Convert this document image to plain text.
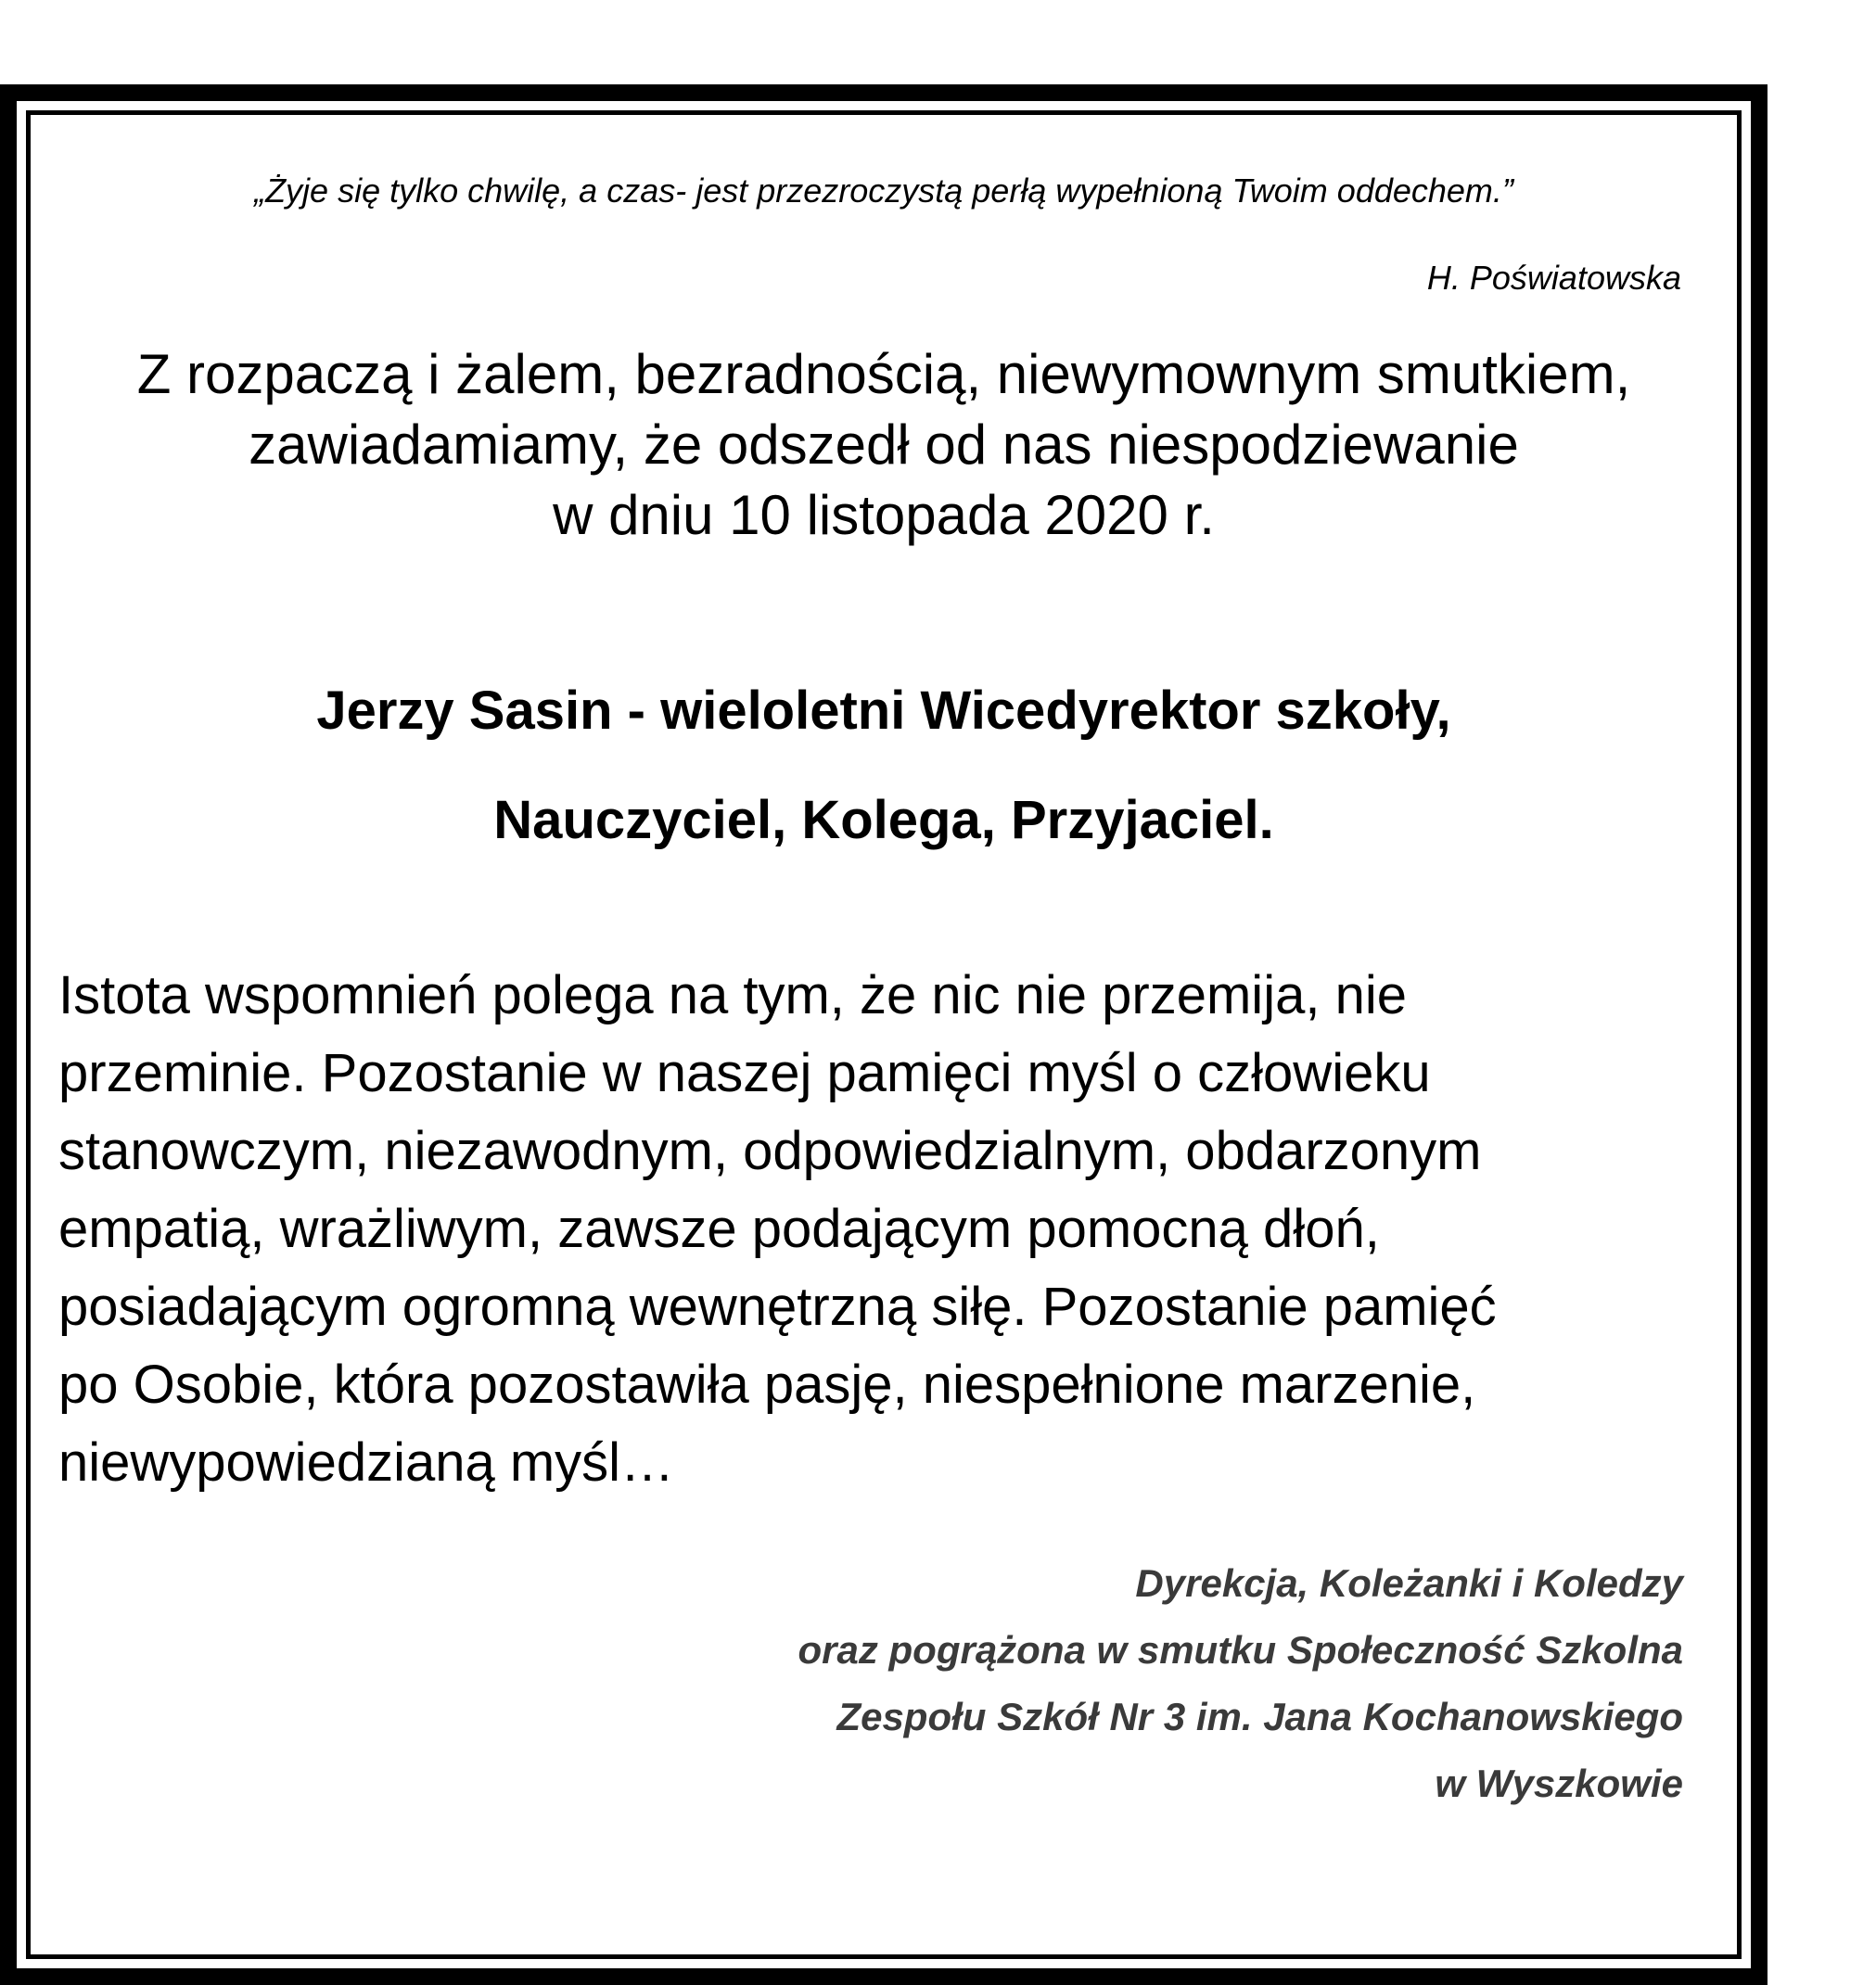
„Żyje się tylko chwilę, a czas- jest przezroczystą perłą wypełnioną Twoim oddechem.”
H. Poświatowska
Z rozpaczą i żalem, bezradnością, niewymownym smutkiem,
zawiadamiamy, że odszedł od nas niespodziewanie
w dniu 10 listopada 2020 r.
Jerzy Sasin - wieloletni Wicedyrektor szkoły,
Nauczyciel, Kolega, Przyjaciel.
Istota wspomnień polega na tym, że nic nie przemija, nie
przeminie. Pozostanie w naszej pamięci myśl o człowieku
stanowczym, niezawodnym, odpowiedzialnym, obdarzonym
empatią, wrażliwym, zawsze podającym pomocną dłoń,
posiadającym ogromną wewnętrzną siłę. Pozostanie pamięć
po Osobie, która pozostawiła pasję, niespełnione marzenie,
niewypowiedzianą myśl…
Dyrekcja, Koleżanki i Koledzy
oraz pogrążona w smutku Społeczność Szkolna
Zespołu Szkół Nr 3 im. Jana Kochanowskiego
w Wyszkowie
